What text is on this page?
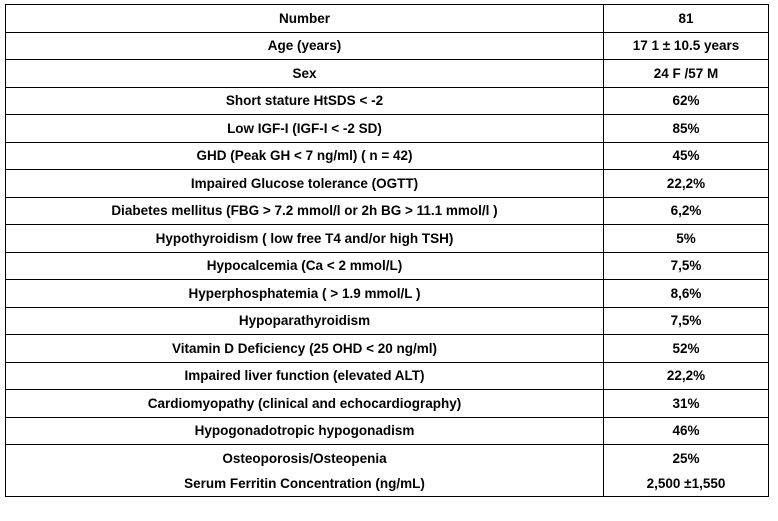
Number	81
Age (years)	17 1 ± 10.5 years
Sex	24 F /57 M
Short stature HtSDS < -2	62%
Low IGF-I (IGF-I < -2 SD)	85%
GHD (Peak GH < 7 ng/ml) ( n = 42)	45%
Impaired Glucose tolerance (OGTT)	22,2%
Diabetes mellitus (FBG > 7.2 mmol/l or 2h BG > 11.1 mmol/l )	6,2%
Hypothyroidism ( low free T4 and/or high TSH)	5%
Hypocalcemia (Ca < 2 mmol/L)	7,5%
Hyperphosphatemia ( > 1.9 mmol/L )	8,6%
Hypoparathyroidism	7,5%
Vitamin D Deficiency (25 OHD < 20 ng/ml)	52%
Impaired liver function (elevated ALT)	22,2%
Cardiomyopathy (clinical and echocardiography)	31%
Hypogonadotropic hypogonadism	46%
Osteoporosis/Osteopenia	25%
Serum Ferritin Concentration (ng/mL)	2,500 ±1,550
